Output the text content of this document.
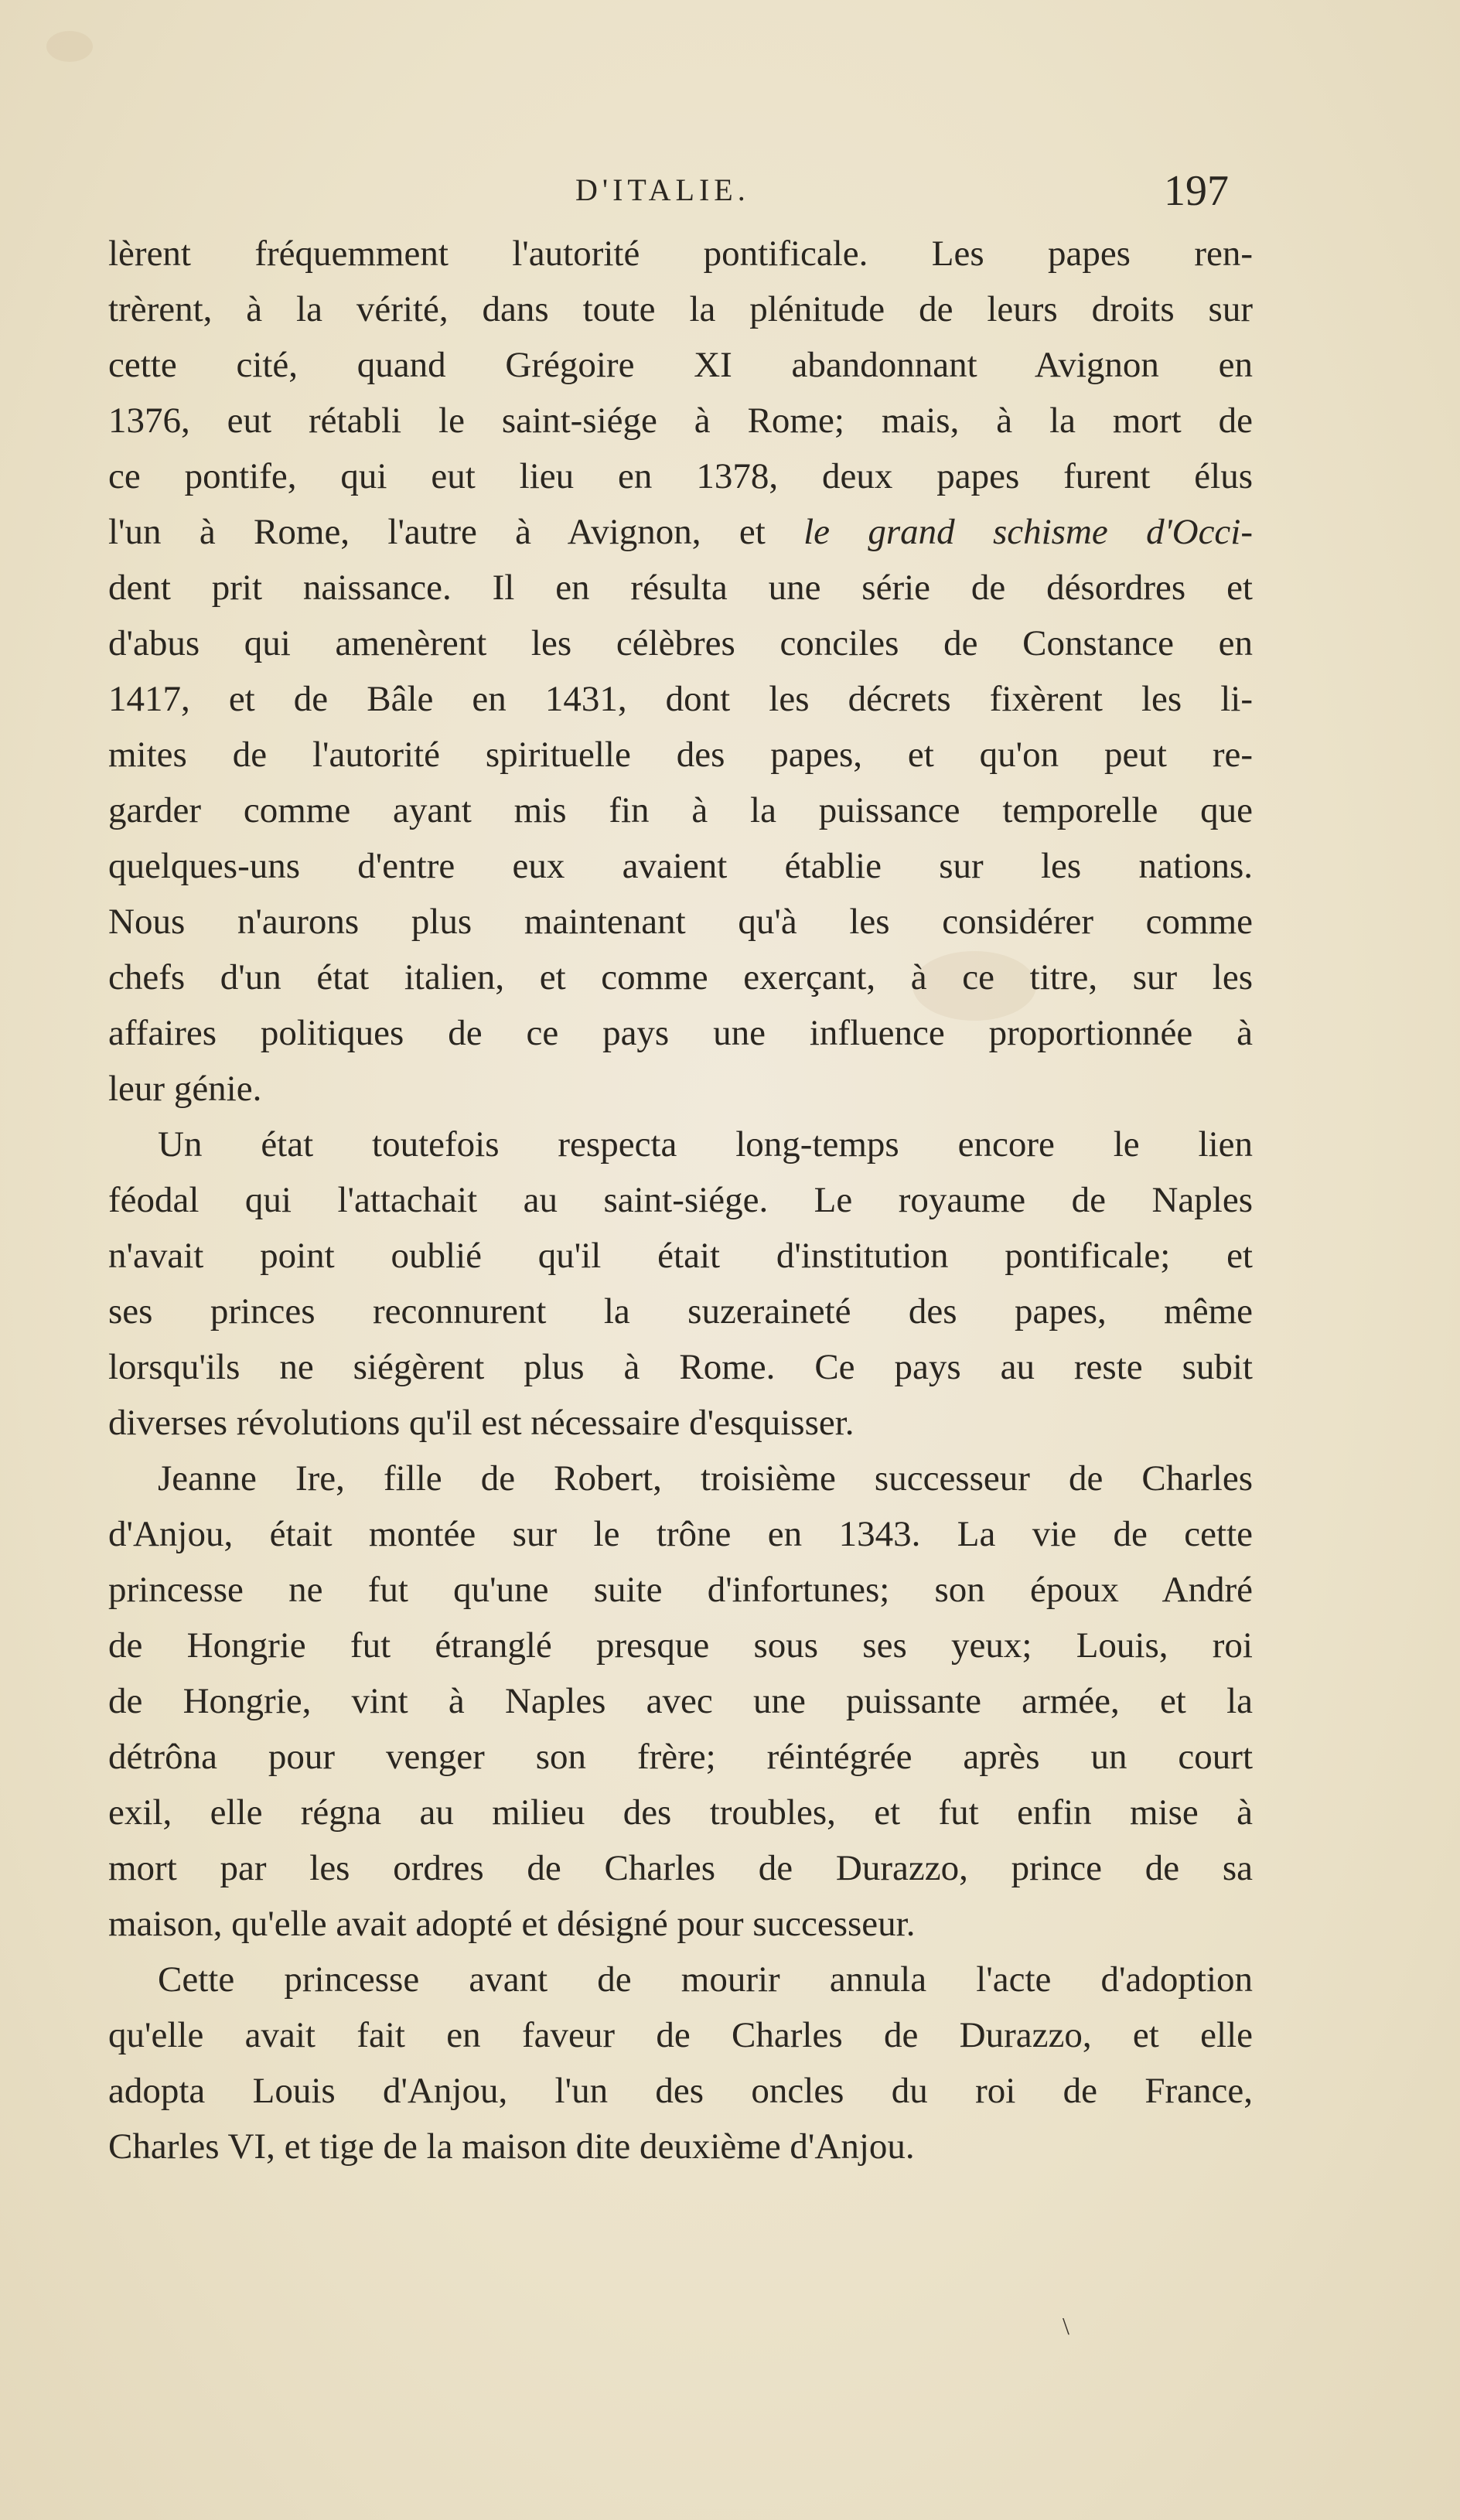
D'ITALIE.	197
lèrent fréquemment l'autorité pontificale. Les papes ren-
trèrent, à la vérité, dans toute la plénitude de leurs droits sur
cette cité, quand Grégoire XI abandonnant Avignon en
1376, eut rétabli le saint-siége à Rome; mais, à la mort de
ce pontife, qui eut lieu en 1378, deux papes furent élus
l'un à Rome, l'autre à Avignon, et le grand schisme d'Occi-
dent prit naissance. Il en résulta une série de désordres et
d'abus qui amenèrent les célèbres conciles de Constance en
1417, et de Bâle en 1431, dont les décrets fixèrent les li-
mites de l'autorité spirituelle des papes, et qu'on peut re-
garder comme ayant mis fin à la puissance temporelle que
quelques-uns d'entre eux avaient établie sur les nations.
Nous n'aurons plus maintenant qu'à les considérer comme
chefs d'un état italien, et comme exerçant, à ce titre, sur les
affaires politiques de ce pays une influence proportionnée à
leur génie.
Un état toutefois respecta long-temps encore le lien
féodal qui l'attachait au saint-siége. Le royaume de Naples
n'avait point oublié qu'il était d'institution pontificale; et
ses princes reconnurent la suzeraineté des papes, même
lorsqu'ils ne siégèrent plus à Rome. Ce pays au reste subit
diverses révolutions qu'il est nécessaire d'esquisser.
Jeanne Ire, fille de Robert, troisième successeur de Charles
d'Anjou, était montée sur le trône en 1343. La vie de cette
princesse ne fut qu'une suite d'infortunes; son époux André
de Hongrie fut étranglé presque sous ses yeux; Louis, roi
de Hongrie, vint à Naples avec une puissante armée, et la
détrôna pour venger son frère; réintégrée après un court
exil, elle régna au milieu des troubles, et fut enfin mise à
mort par les ordres de Charles de Durazzo, prince de sa
maison, qu'elle avait adopté et désigné pour successeur.
Cette princesse avant de mourir annula l'acte d'adoption
qu'elle avait fait en faveur de Charles de Durazzo, et elle
adopta Louis d'Anjou, l'un des oncles du roi de France,
Charles VI, et tige de la maison dite deuxième d'Anjou.
\
